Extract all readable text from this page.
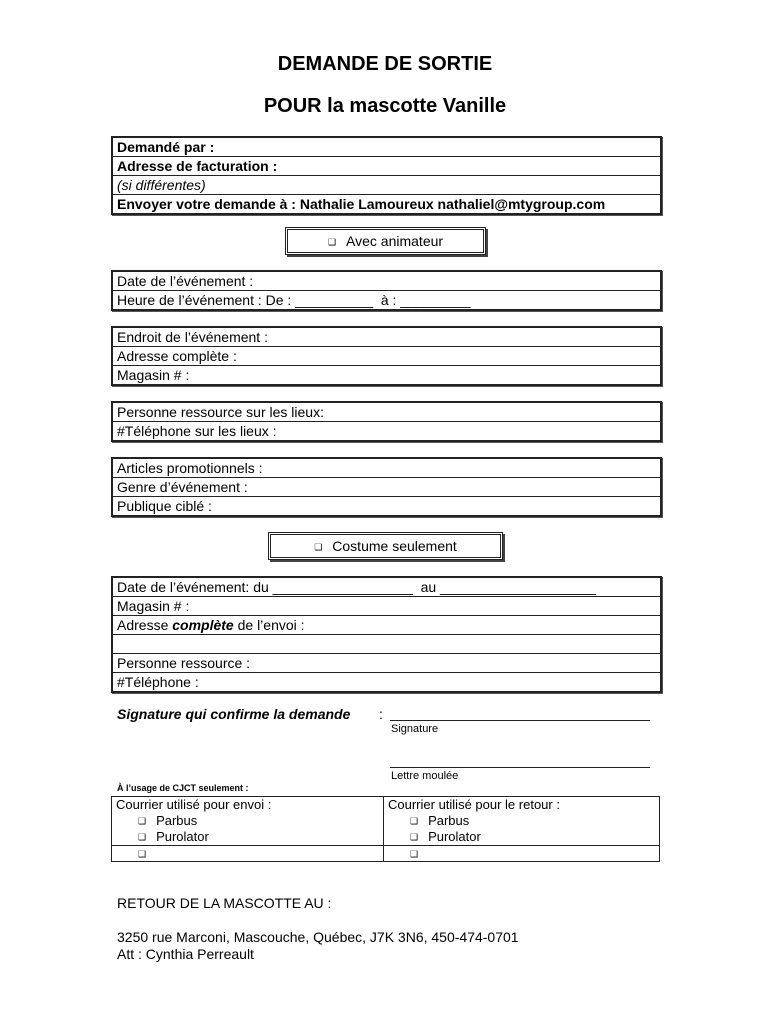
DEMANDE DE SORTIE
POUR la mascotte Vanille
Demandé par :
Adresse de facturation :
(si différentes)
Envoyer votre demande à : Nathalie Lamoureux nathaliel@mtygroup.com
❑ Avec animateur
Date de l’événement :
Heure de l’événement : De : __________  à : _________
Endroit de l’événement :
Adresse complète :
Magasin # :
Personne ressource sur les lieux:
#Téléphone sur les lieux :
Articles promotionnels :
Genre d’événement :
Publique ciblé :
❑ Costume seulement
Date de l’événement: du __________________  au ____________________
Magasin # :
Adresse complète de l’envoi :
Personne ressource :
#Téléphone :
Signature qui confirme la demande :
Signature
Lettre moulée
À l’usage de CJCT seulement :
Courrier utilisé pour envoi :
❑ Parbus
❑ Purolator
❑
Courrier utilisé pour le retour :
❑ Parbus
❑ Purolator
❑
RETOUR DE LA MASCOTTE AU :
3250 rue Marconi, Mascouche, Québec, J7K 3N6, 450-474-0701
Att : Cynthia Perreault
